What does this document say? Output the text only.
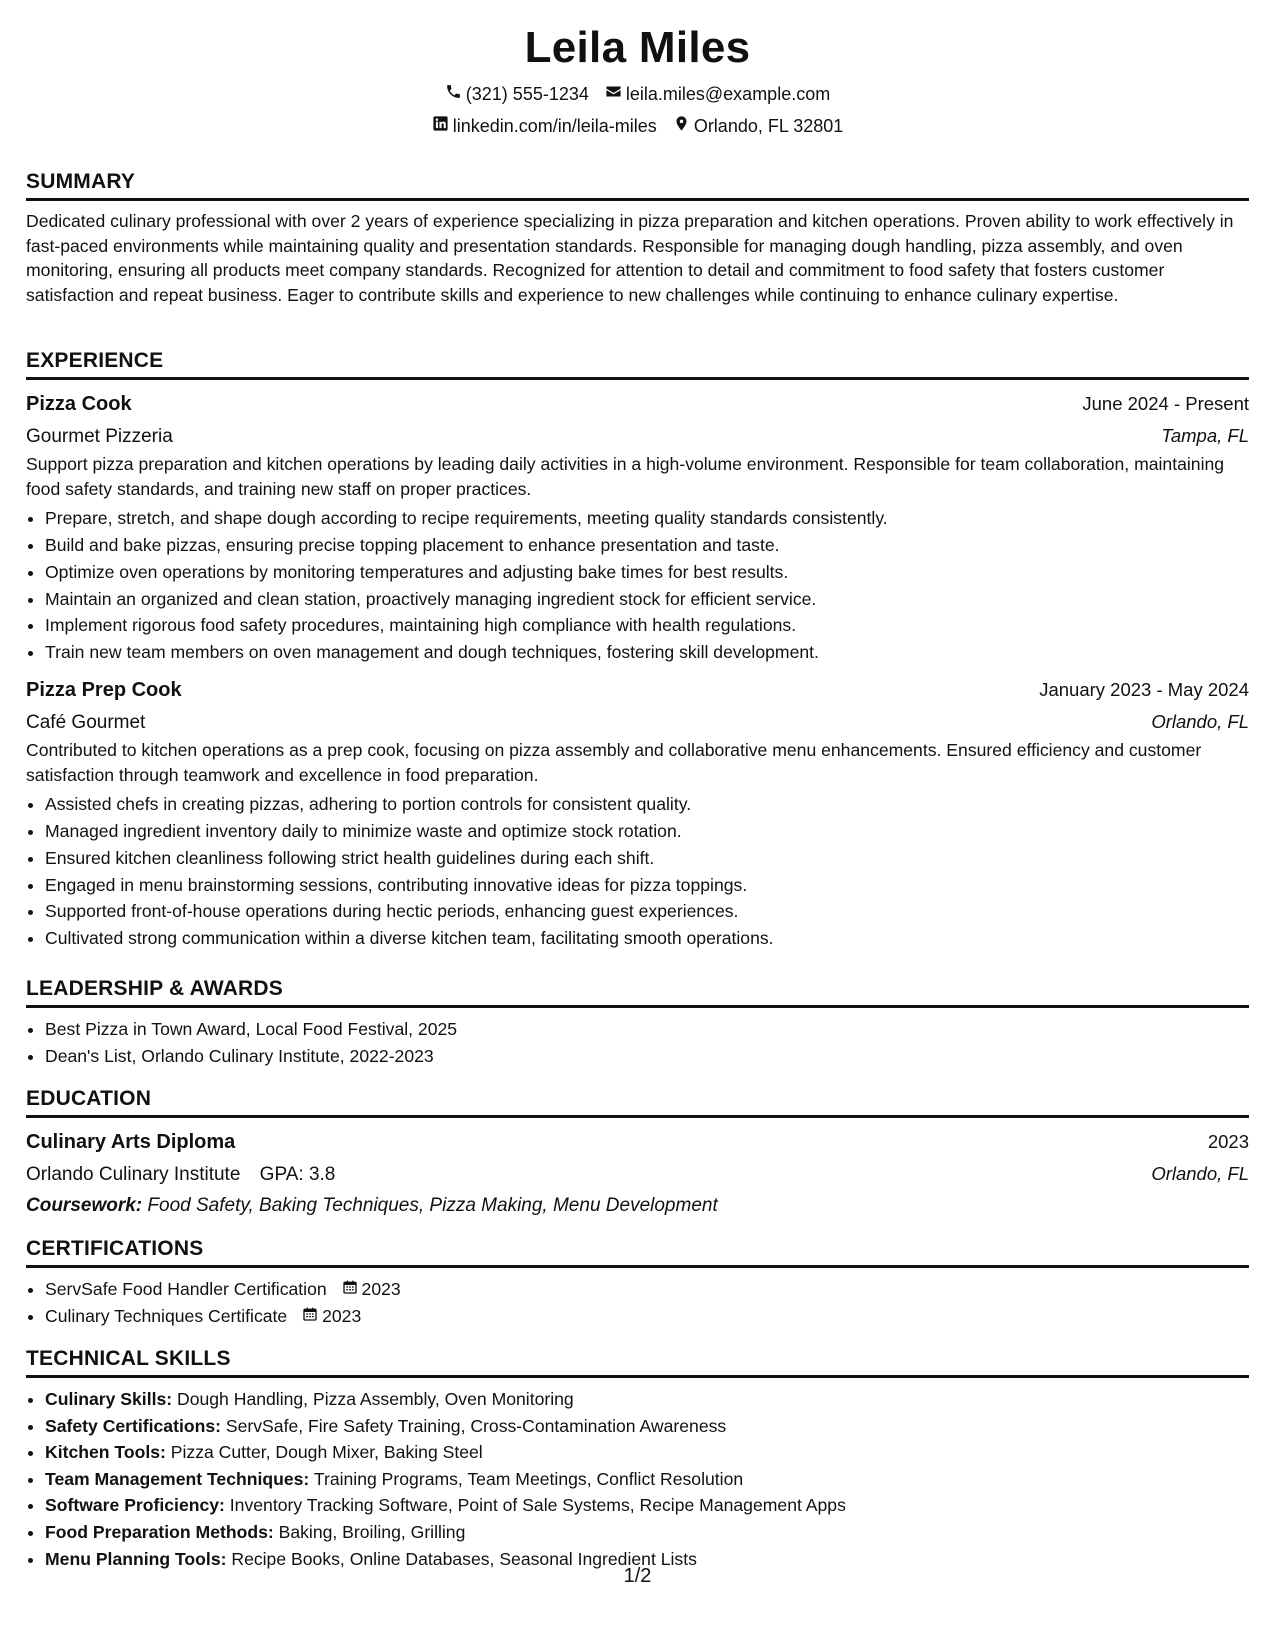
Leila Miles
(321) 555-1234 leila.miles@example.com
linkedin.com/in/leila-miles Orlando, FL 32801
SUMMARY

Dedicated culinary professional with over 2 years of experience specializing in pizza preparation and kitchen operations. Proven ability to work effectively in fast-paced environments while maintaining quality and presentation standards. Responsible for managing dough handling, pizza assembly, and oven monitoring, ensuring all products meet company standards. Recognized for attention to detail and commitment to food safety that fosters customer satisfaction and repeat business. Eager to contribute skills and experience to new challenges while continuing to enhance culinary expertise.

EXPERIENCE
Pizza Cook	June 2024 - Present
Gourmet Pizzeria	Tampa, FL

Support pizza preparation and kitchen operations by leading daily activities in a high-volume environment. Responsible for team collaboration, maintaining food safety standards, and training new staff on proper practices.

• Prepare, stretch, and shape dough according to recipe requirements, meeting quality standards consistently.
• Build and bake pizzas, ensuring precise topping placement to enhance presentation and taste.
• Optimize oven operations by monitoring temperatures and adjusting bake times for best results.
• Maintain an organized and clean station, proactively managing ingredient stock for efficient service.
• Implement rigorous food safety procedures, maintaining high compliance with health regulations.
• Train new team members on oven management and dough techniques, fostering skill development.
Pizza Prep Cook	January 2023 - May 2024
Café Gourmet	Orlando, FL

Contributed to kitchen operations as a prep cook, focusing on pizza assembly and collaborative menu enhancements. Ensured efficiency and customer satisfaction through teamwork and excellence in food preparation.

• Assisted chefs in creating pizzas, adhering to portion controls for consistent quality.
• Managed ingredient inventory daily to minimize waste and optimize stock rotation.
• Ensured kitchen cleanliness following strict health guidelines during each shift.
• Engaged in menu brainstorming sessions, contributing innovative ideas for pizza toppings.
• Supported front-of-house operations during hectic periods, enhancing guest experiences.
• Cultivated strong communication within a diverse kitchen team, facilitating smooth operations.
LEADERSHIP & AWARDS
• Best Pizza in Town Award, Local Food Festival, 2025
• Dean's List, Orlando Culinary Institute, 2022-2023
EDUCATION
Culinary Arts Diploma	2023
Orlando Culinary Institute GPA: 3.8	Orlando, FL
Coursework: Food Safety, Baking Techniques, Pizza Making, Menu Development
CERTIFICATIONS
• ServSafe Food Handler Certification 2023
• Culinary Techniques Certificate 2023
TECHNICAL SKILLS
• Culinary Skills: Dough Handling, Pizza Assembly, Oven Monitoring
• Safety Certifications: ServSafe, Fire Safety Training, Cross-Contamination Awareness
• Kitchen Tools: Pizza Cutter, Dough Mixer, Baking Steel
• Team Management Techniques: Training Programs, Team Meetings, Conflict Resolution
• Software Proficiency: Inventory Tracking Software, Point of Sale Systems, Recipe Management Apps
• Food Preparation Methods: Baking, Broiling, Grilling
• Menu Planning Tools: Recipe Books, Online Databases, Seasonal Ingredient Lists
1/2
